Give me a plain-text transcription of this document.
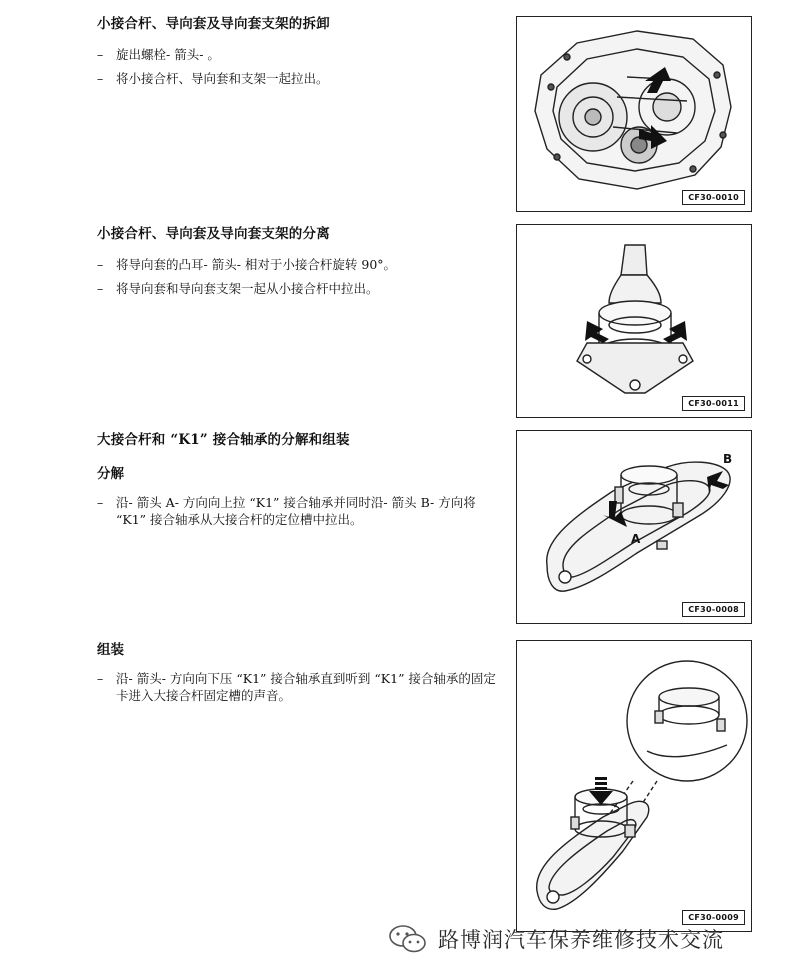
小接合杆、导向套及导向套支架的拆卸
– 旋出螺栓- 箭头- 。
– 将小接合杆、导向套和支架一起拉出。
小接合杆、导向套及导向套支架的分离
– 将导向套的凸耳- 箭头- 相对于小接合杆旋转 90°。
– 将导向套和导向套支架一起从小接合杆中拉出。
大接合杆和 “K1” 接合轴承的分解和组装
分解
– 沿- 箭头 A- 方向向上拉 “K1” 接合轴承并同时沿- 箭头 B- 方向将 “K1” 接合轴承从大接合杆的定位槽中拉出。
组装
– 沿- 箭头- 方向向下压 “K1” 接合轴承直到听到 “K1” 接合轴承的固定卡进入大接合杆固定槽的声音。
CF30-0010
CF30-0011
A
B
CF30-0008
CF30-0009
路博润汽车保养维修技术交流
